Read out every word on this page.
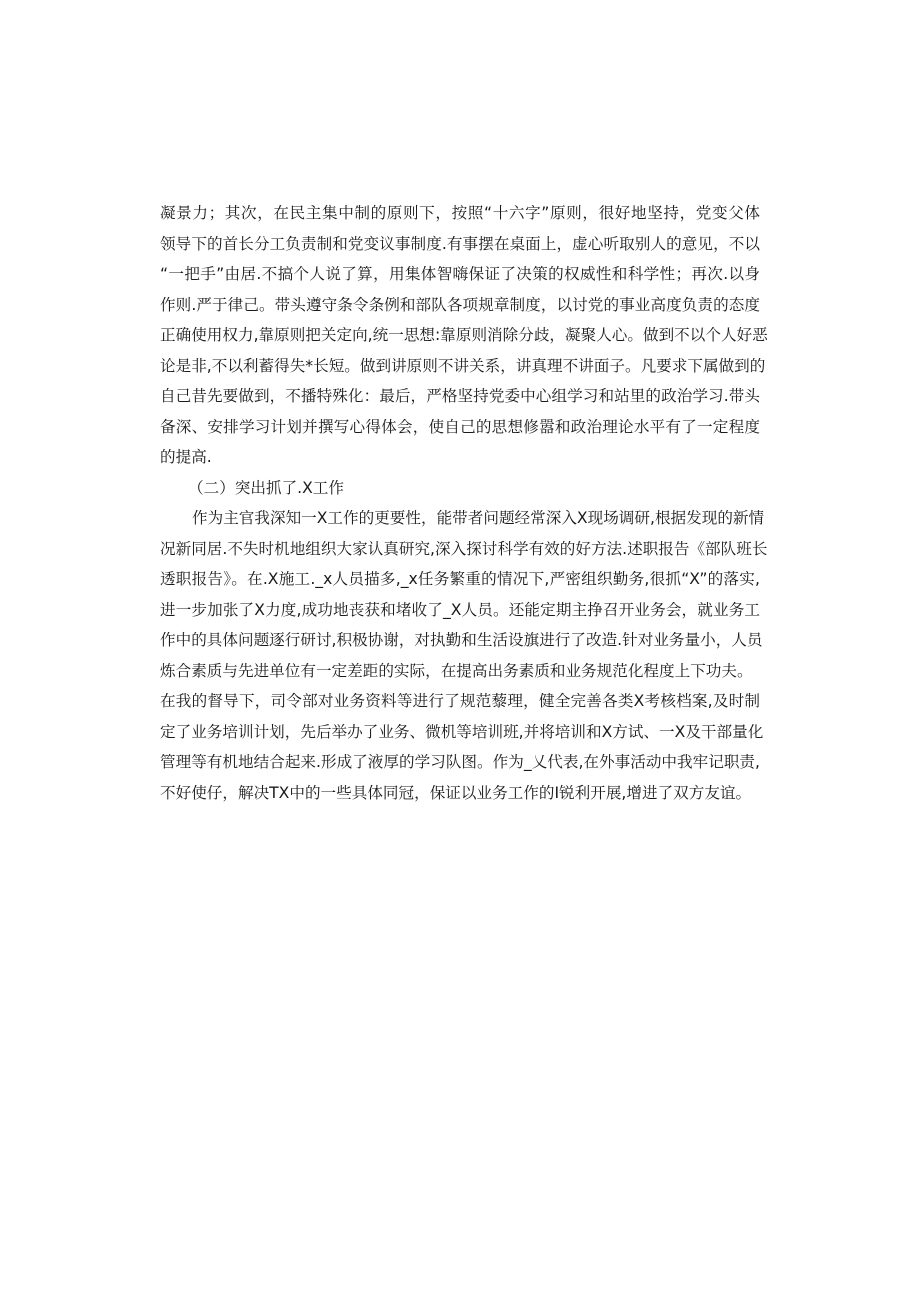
凝景力；其次，在民主集中制的原则下，按照“十六字”原则，很好地坚持，党变父体
领导下的首长分工负责制和党变议事制度.有事摆在桌面上，虚心听取别人的意见，不以
“一把手”由居.不搞个人说了算，用集体智嗨保证了决策的权威性和科学性；再次.以身
作则.严于律己。带头遵守条令条例和部队各项规章制度，以讨党的事业高度负责的态度
正确使用权力,靠原则把关定向,统一思想:靠原则消除分歧，凝聚人心。做到不以个人好恶
论是非,不以利蓄得失*长短。做到讲原则不讲关系，讲真理不讲面子。凡要求下属做到的
自己昔先要做到，不播特殊化：最后，严格坚持党委中心组学习和站里的政治学习.带头
备深、安排学习计划并撰写心得体会，使自己的思想修嚣和政治理论水平有了一定程度
的提高.
（二）突出抓了.X工作
作为主官我深知一X工作的更要性，能带者问题经常深入X现场调研,根据发现的新情
况新同居.不失时机地组织大家认真研究,深入探讨科学有效的好方法.述职报告《部队班长
透职报告》。在.X施工._x人员描多,_x任务繁重的情况下,严密组织勤务,很抓“X”的落实,
进一步加张了X力度,成功地丧获和堵收了_X人员。还能定期主挣召开业务会，就业务工
作中的具体问题逐行研讨,积极协谢，对执勤和生活设旗进行了改造.针对业务量小，人员
炼合素质与先进单位有一定差距的实际，在提高出务素质和业务规范化程度上下功夫。
在我的督导下，司令部对业务资料等进行了规范藜理，健全完善各类X考核档案,及时制
定了业务培训计划，先后举办了业务、微机等培训班,并将培训和X方试、一X及干部量化
管理等有机地结合起来.形成了液厚的学习队图。作为_乂代表,在外事活动中我牢记职责,
不好使仔，解决TX中的一些具体同冠，保证以业务工作的I锐利开展,增进了双方友谊。
